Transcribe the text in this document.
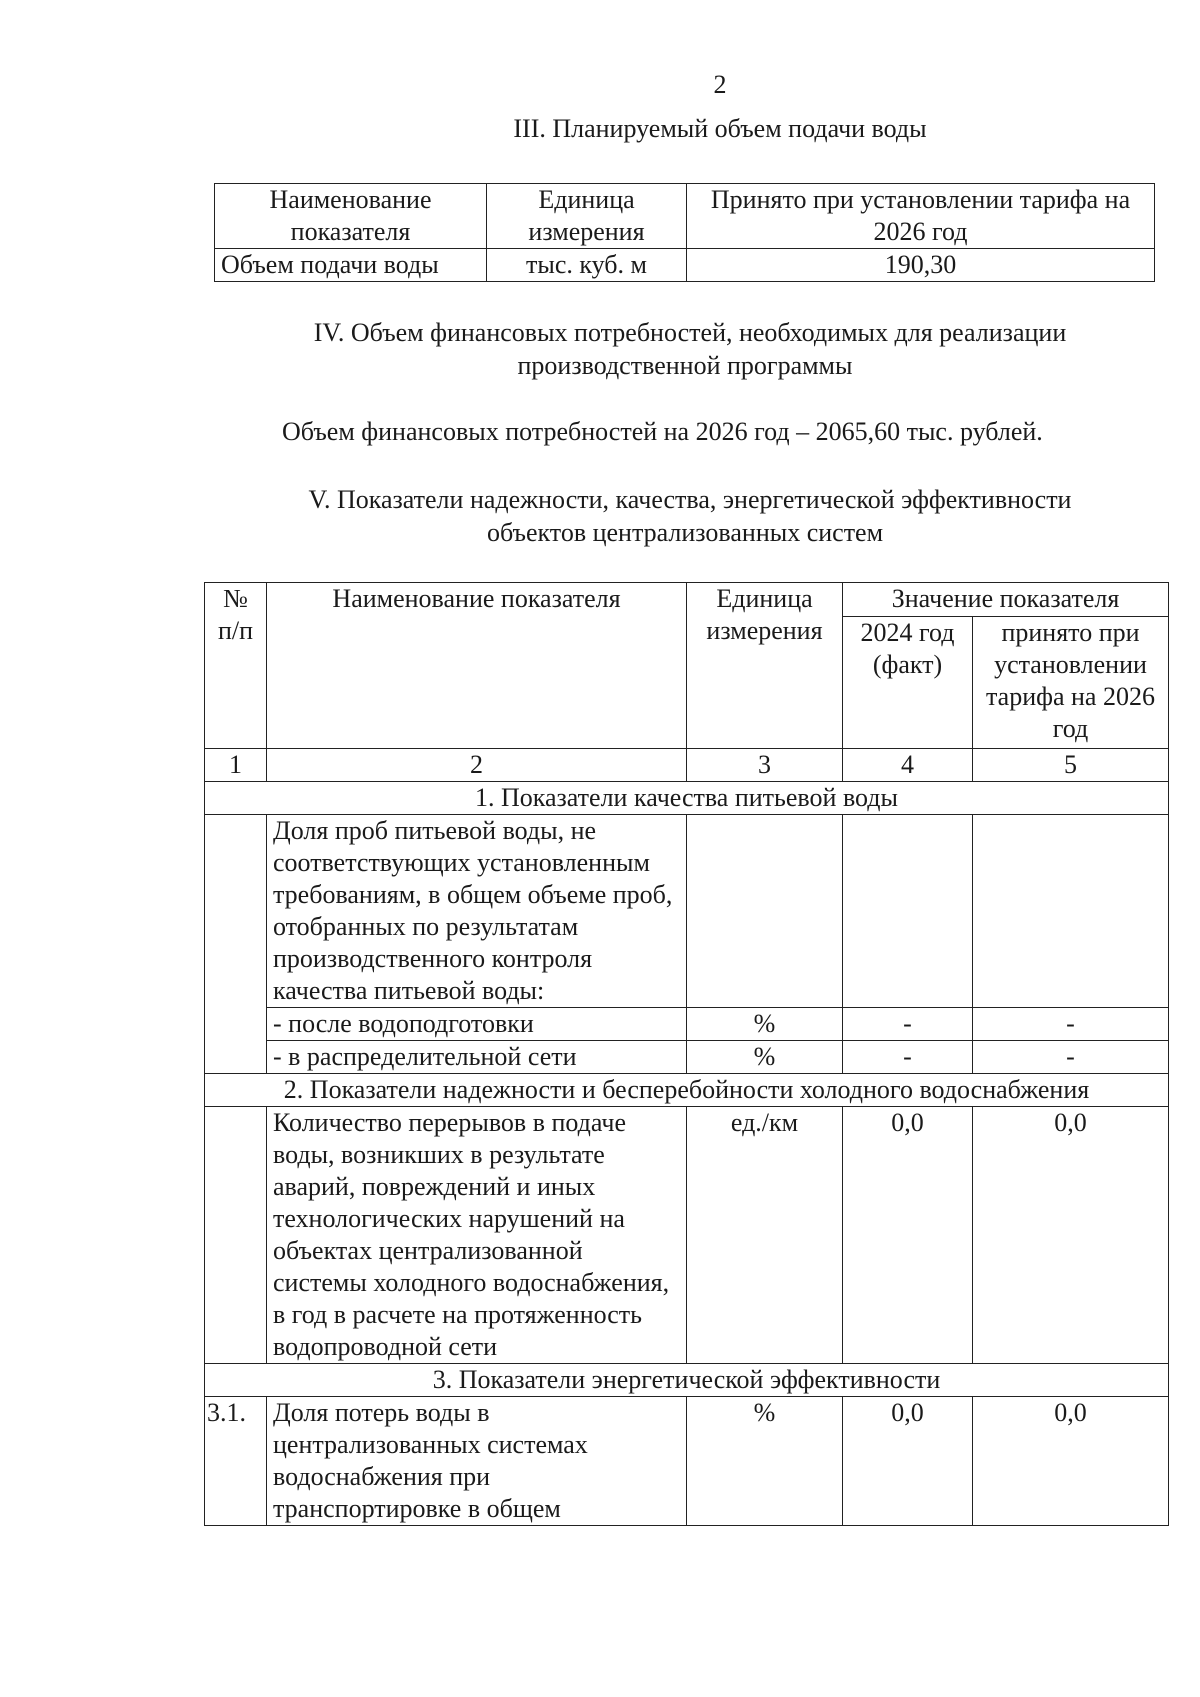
2
III. Планируемый объем подачи воды
Наименование показателя	Единица измерения	Принято при установлении тарифа на 2026 год
Объем подачи воды	тыс. куб. м	190,30
IV. Объем финансовых потребностей, необходимых для реализации
производственной программы
Объем финансовых потребностей на 2026 год – 2065,60 тыс. рублей.
V. Показатели надежности, качества, энергетической эффективности
объектов централизованных систем
№ п/п	Наименование показателя	Единица измерения	Значение показателя	
			2024 год (факт)	принято при установлении тарифа на 2026 год
1	2	3	4	5
1. Показатели качества питьевой воды				
	Доля проб питьевой воды, не соответствующих установленным требованиям, в общем объеме проб, отобранных по результатам производственного контроля качества питьевой воды:			
	- после водоподготовки	%	-	-
	- в распределительной сети	%	-	-
2. Показатели надежности и бесперебойности холодного водоснабжения				
	Количество перерывов в подаче воды, возникших в результате аварий, повреждений и иных технологических нарушений на объектах централизованной системы холодного водоснабжения, в год в расчете на протяженность водопроводной сети	ед./км	0,0	0,0
3. Показатели энергетической эффективности				
3.1.	Доля потерь воды в централизованных системах водоснабжения при транспортировке в общем	%	0,0	0,0
